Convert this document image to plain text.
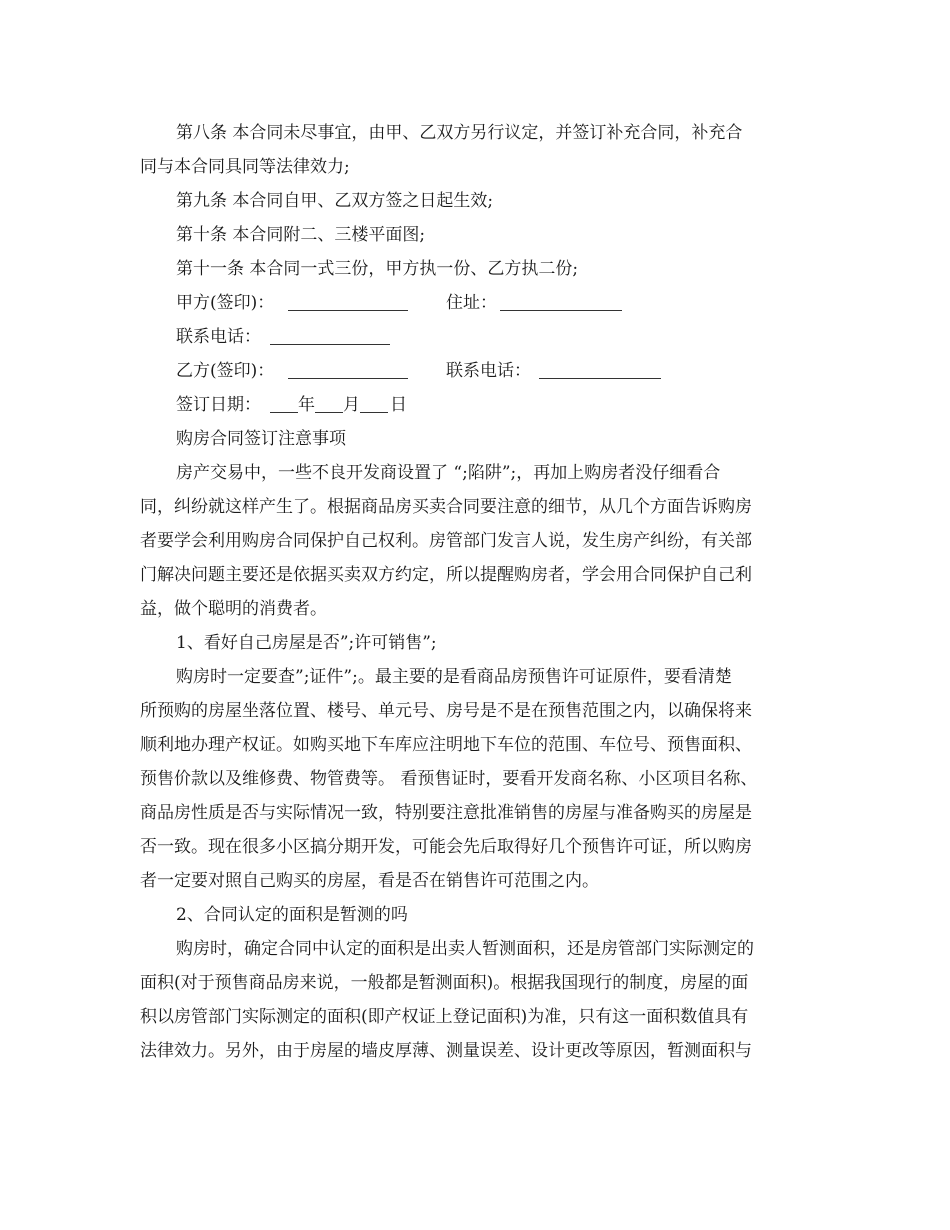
第八条 本合同未尽事宜，由甲、乙双方另行议定，并签订补充合同，补充合
同与本合同具同等法律效力;
第九条 本合同自甲、乙双方签之日起生效;
第十条 本合同附二、三楼平面图;
第十一条 本合同一式三份，甲方执一份、乙方执二份;
甲方(签印)：	住址：
联系电话：
乙方(签印)：	联系电话：
签订日期： 年 月 日
购房合同签订注意事项
房产交易中，一些不良开发商设置了 “;陷阱”;，再加上购房者没仔细看合
同，纠纷就这样产生了。根据商品房买卖合同要注意的细节，从几个方面告诉购房
者要学会利用购房合同保护自己权利。房管部门发言人说，发生房产纠纷，有关部
门解决问题主要还是依据买卖双方约定，所以提醒购房者，学会用合同保护自己利
益，做个聪明的消费者。
1、看好自己房屋是否”;许可销售”;
购房时一定要查”;证件”;。最主要的是看商品房预售许可证原件，要看清楚
所预购的房屋坐落位置、楼号、单元号、房号是不是在预售范围之内，以确保将来
顺利地办理产权证。如购买地下车库应注明地下车位的范围、车位号、预售面积、
预售价款以及维修费、物管费等。 看预售证时，要看开发商名称、小区项目名称、
商品房性质是否与实际情况一致，特别要注意批准销售的房屋与准备购买的房屋是
否一致。现在很多小区搞分期开发，可能会先后取得好几个预售许可证，所以购房
者一定要对照自己购买的房屋，看是否在销售许可范围之内。
2、合同认定的面积是暂测的吗
购房时，确定合同中认定的面积是出卖人暂测面积，还是房管部门实际测定的
面积(对于预售商品房来说，一般都是暂测面积)。根据我国现行的制度，房屋的面
积以房管部门实际测定的面积(即产权证上登记面积)为准，只有这一面积数值具有
法律效力。另外，由于房屋的墙皮厚薄、测量误差、设计更改等原因，暂测面积与
